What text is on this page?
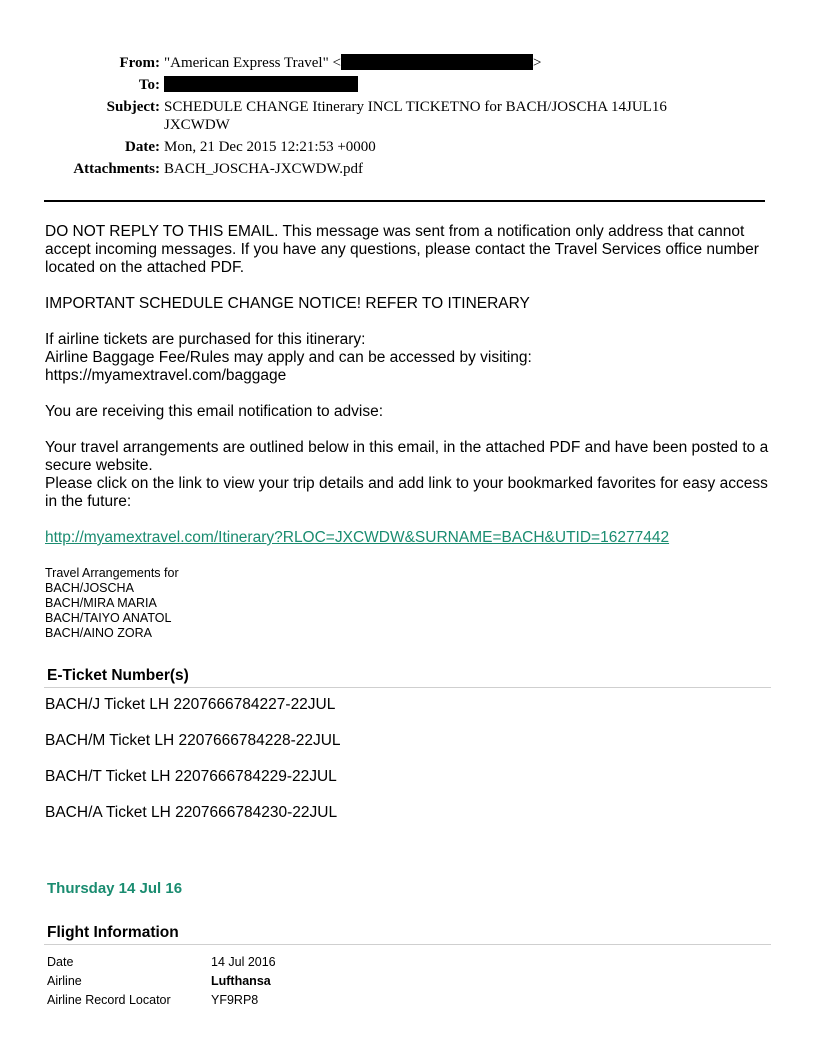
From: "American Express Travel" <	>
To:
Subject: SCHEDULE CHANGE Itinerary INCL TICKETNO for BACH/JOSCHA 14JUL16 JXCWDW
Date: Mon, 21 Dec 2015 12:21:53 +0000
Attachments: BACH_JOSCHA-JXCWDW.pdf

DO NOT REPLY TO THIS EMAIL. This message was sent from a notification only address that cannot accept incoming messages. If you have any questions, please contact the Travel Services office number located on the attached PDF.

IMPORTANT SCHEDULE CHANGE NOTICE! REFER TO ITINERARY

If airline tickets are purchased for this itinerary:
Airline Baggage Fee/Rules may apply and can be accessed by visiting:
https://myamextravel.com/baggage

You are receiving this email notification to advise:

Your travel arrangements are outlined below in this email, in the attached PDF and have been posted to a secure website.
Please click on the link to view your trip details and add link to your bookmarked favorites for easy access in the future:
http://myamextravel.com/Itinerary?RLOC=JXCWDW&SURNAME=BACH&UTID=16277442
Travel Arrangements for
BACH/JOSCHA
BACH/MIRA MARIA
BACH/TAIYO ANATOL
BACH/AINO ZORA
E-Ticket Number(s)
BACH/J Ticket LH 2207666784227-22JUL
BACH/M Ticket LH 2207666784228-22JUL
BACH/T Ticket LH 2207666784229-22JUL
BACH/A Ticket LH 2207666784230-22JUL
Thursday 14 Jul 16
Flight Information
Date	14 Jul 2016
Airline	Lufthansa
Airline Record Locator	YF9RP8
